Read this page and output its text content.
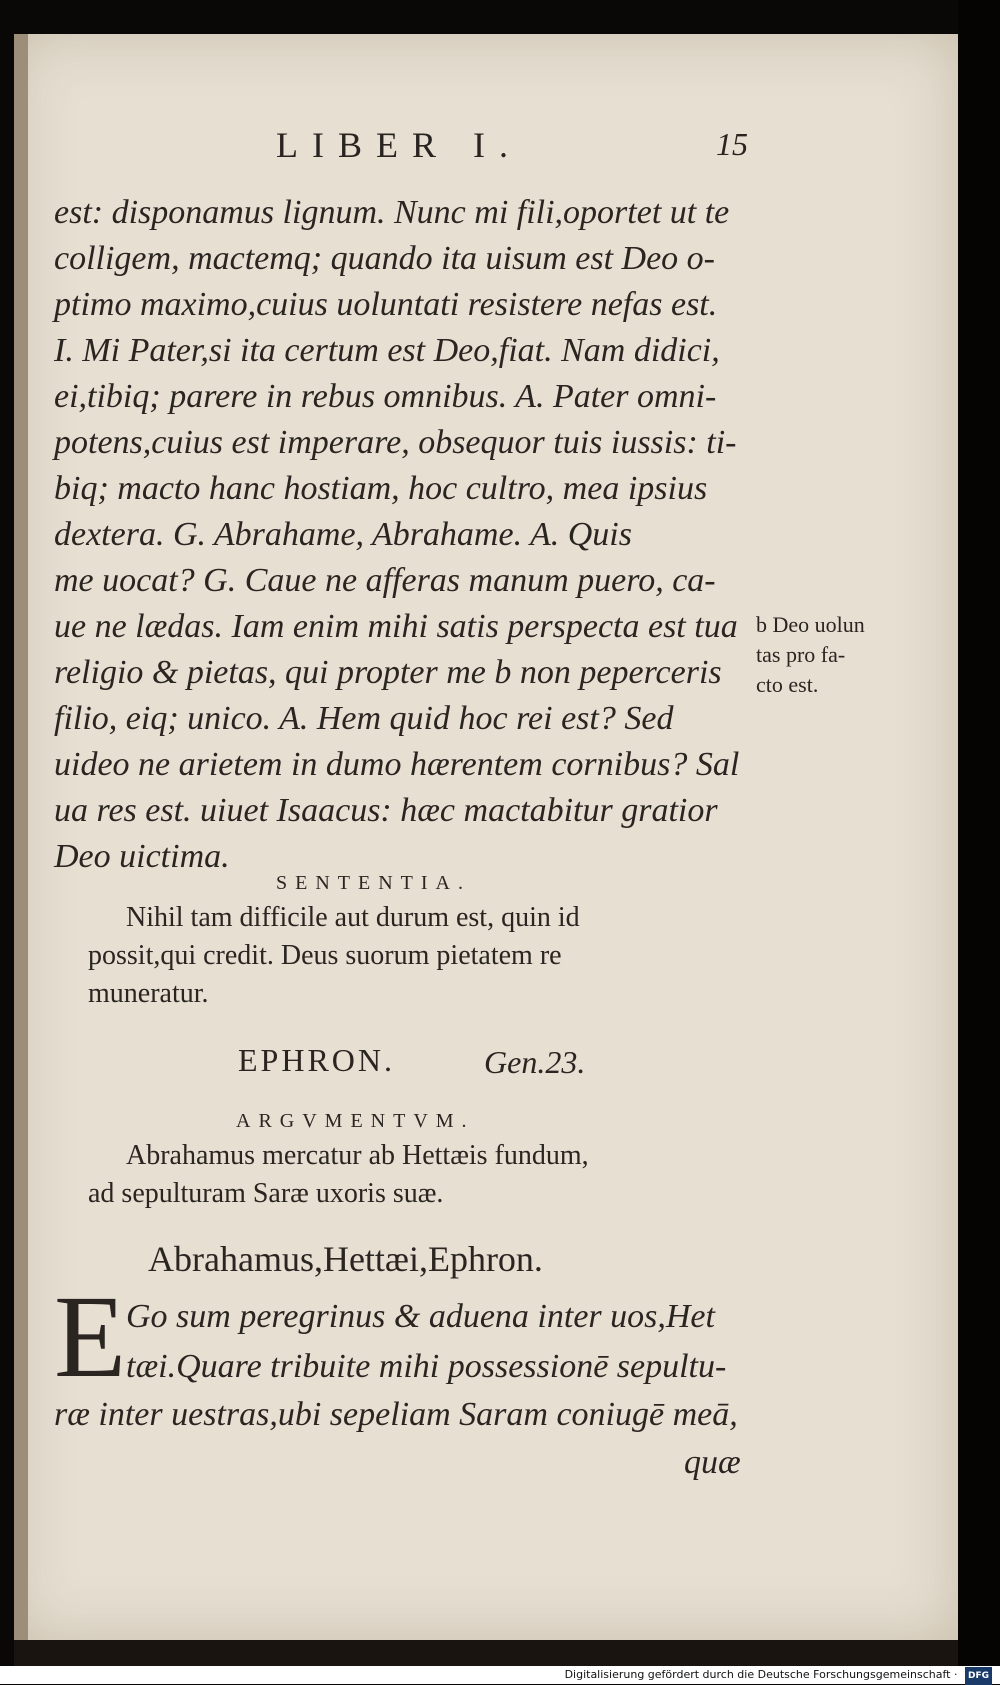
LIBER I.	15
est: disponamus lignum. Nunc mi fili,oportet ut te
colligem, mactemq; quando ita uisum est Deo o-
ptimo maximo,cuius uoluntati resistere nefas est.
I. Mi Pater,si ita certum est Deo,fiat. Nam didici,
ei,tibiq; parere in rebus omnibus. A. Pater omni-
potens,cuius est imperare, obsequor tuis iussis: ti-
biq; macto hanc hostiam, hoc cultro, mea ipsius
dextera. G. Abrahame, Abrahame. A. Quis
me uocat? G. Caue ne afferas manum puero, ca-
ue ne lædas. Iam enim mihi satis perspecta est tua
religio & pietas, qui propter me b non peperceris
filio, eiq; unico. A. Hem quid hoc rei est? Sed
uideo ne arietem in dumo hærentem cornibus? Sal
ua res est. uiuet Isaacus: hæc mactabitur gratior
Deo uictima.
b Deo uolun
tas pro fa-
cto est.
SENTENTIA.
Nihil tam difficile aut durum est, quin id
possit,qui credit. Deus suorum pietatem re
muneratur.
EPHRON.	Gen.23.
ARGVMENTVM.
Abrahamus mercatur ab Hettæis fundum,
ad sepulturam Saræ uxoris suæ.
Abrahamus,Hettæi,Ephron.
E Go sum peregrinus & aduena inter uos,Het
tæi.Quare tribuite mihi possessionē sepultu-
ræ inter uestras,ubi sepeliam Saram coniugē meā,
quæ
Digitalisierung gefördert durch die Deutsche Forschungsgemeinschaft · DFG
